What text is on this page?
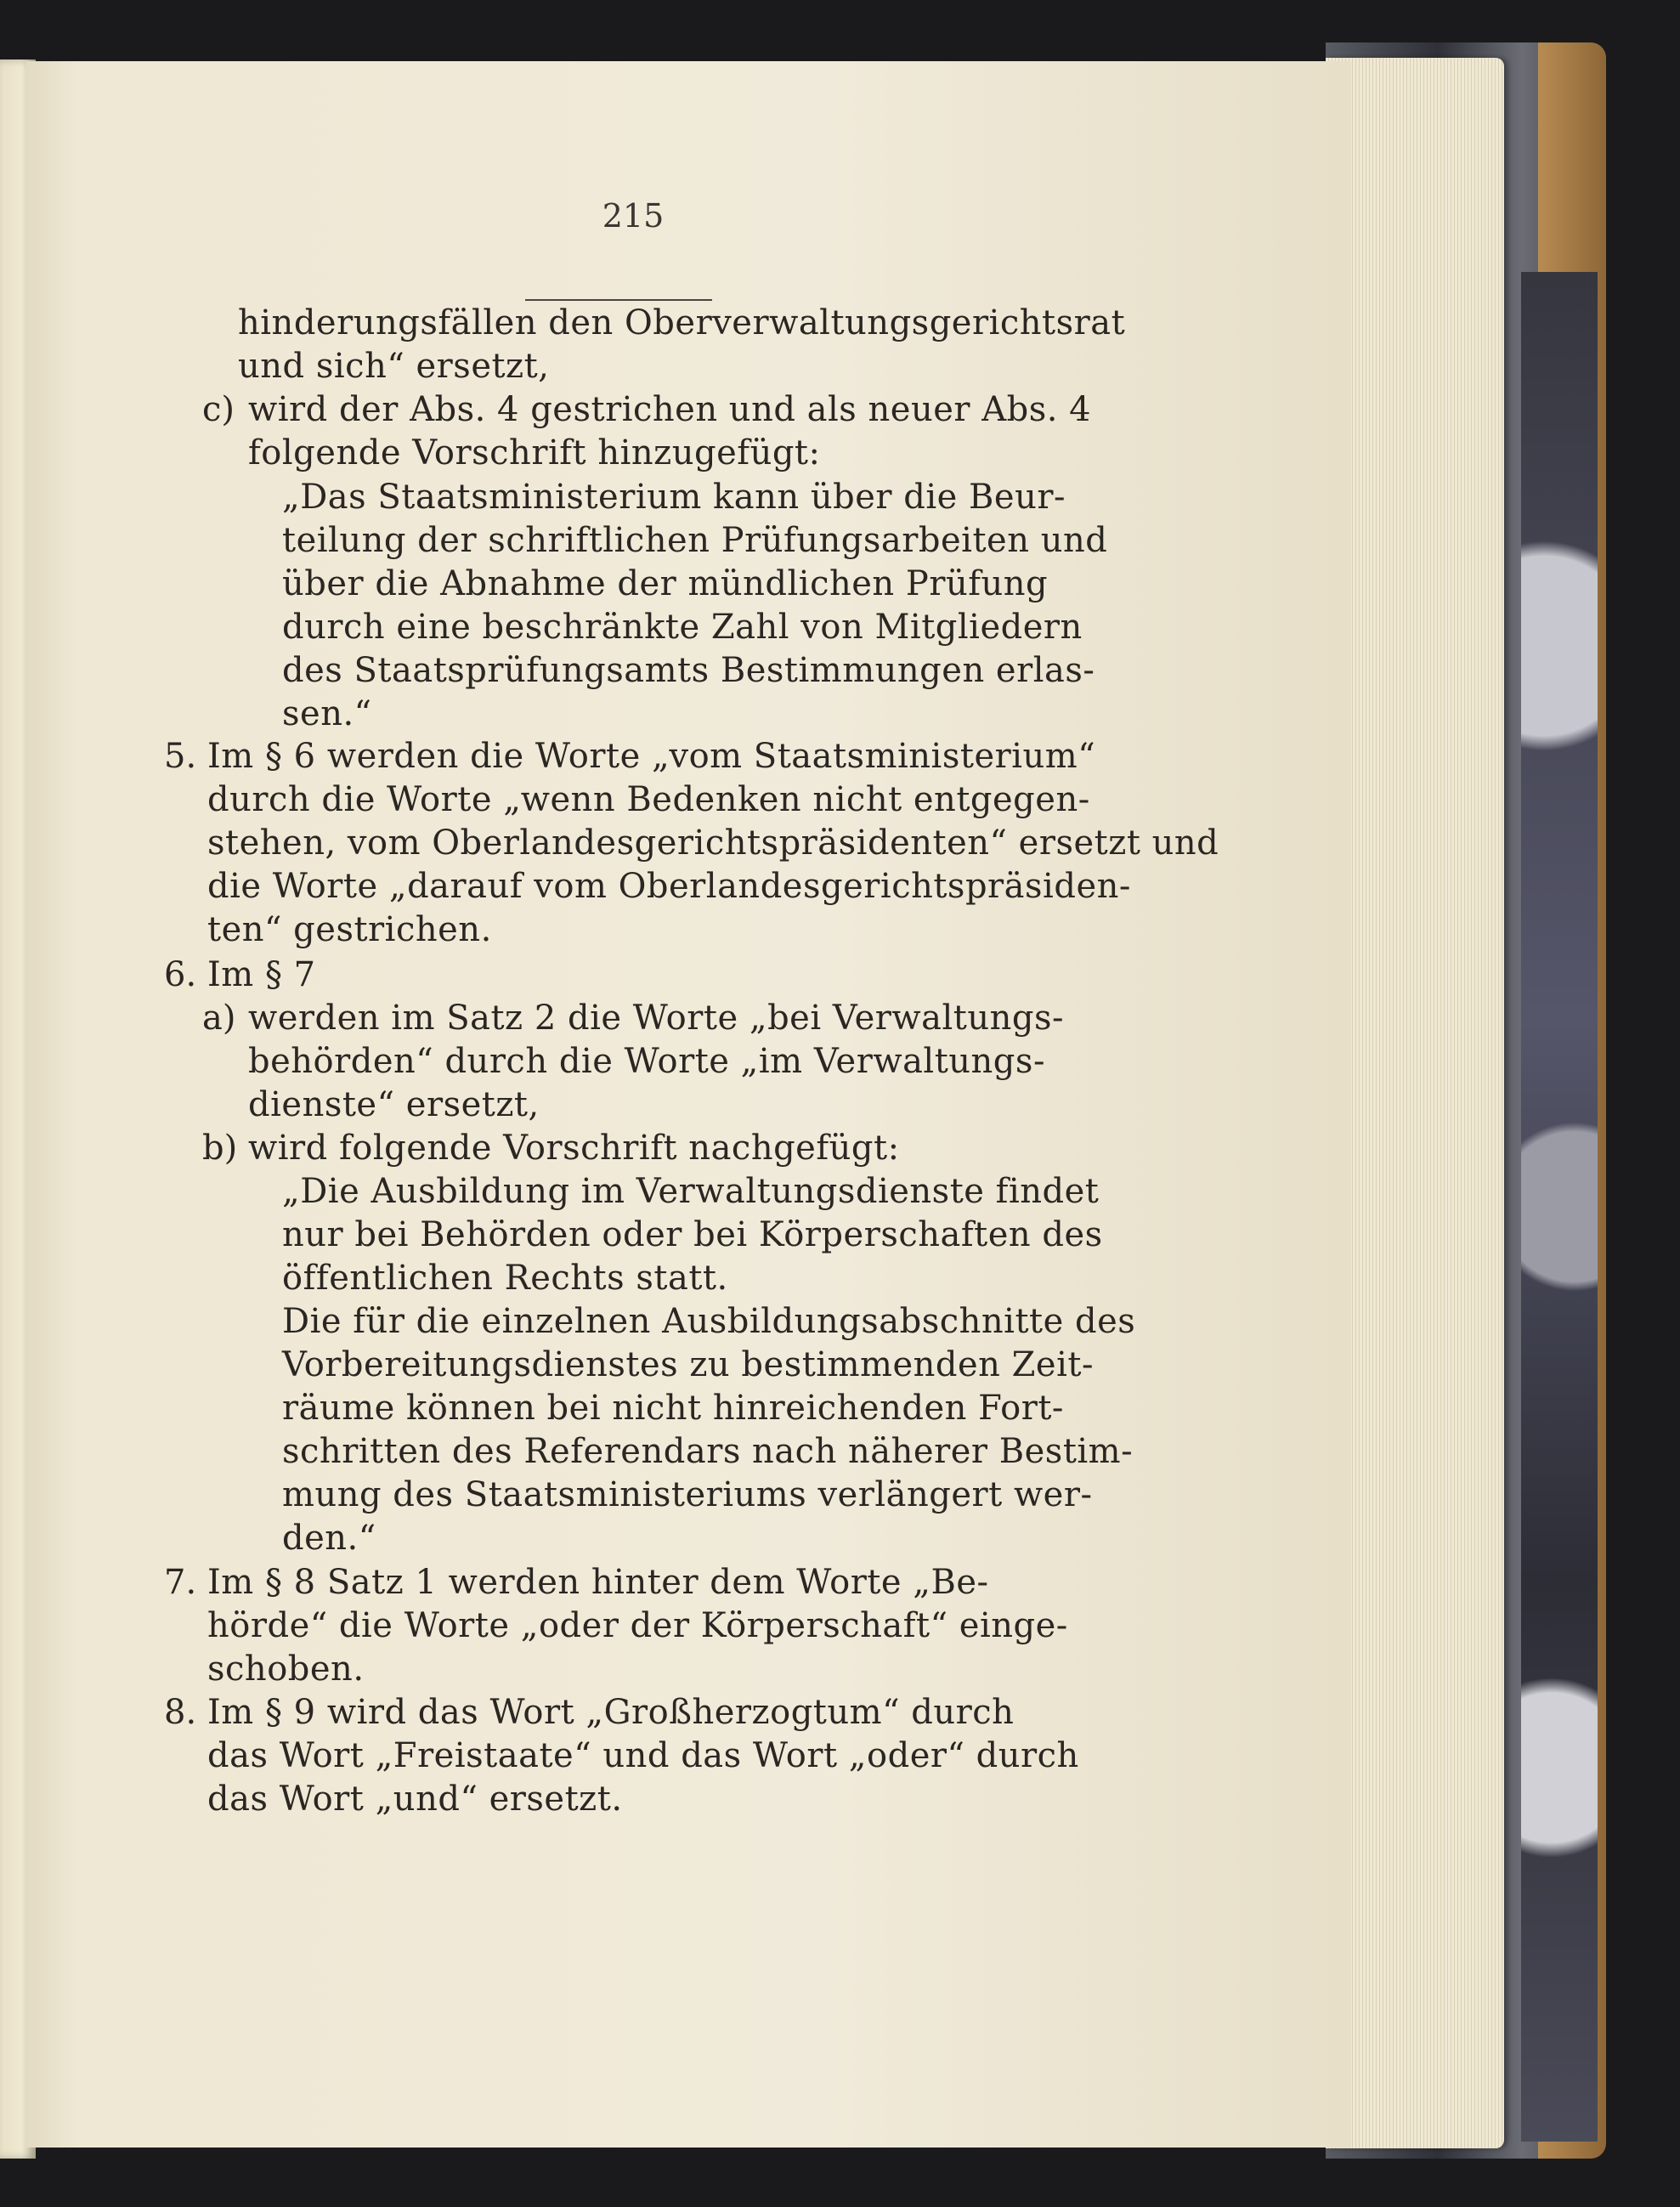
215

hinderungsfällen den Oberverwaltungsgerichtsrat

und sich“ ersetzt,

c) wird der Abs. 4 gestrichen und als neuer Abs. 4

folgende Vorschrift hinzugefügt:

„Das Staatsministerium kann über die Beur-

teilung der schriftlichen Prüfungsarbeiten und

über die Abnahme der mündlichen Prüfung

durch eine beschränkte Zahl von Mitgliedern

des Staatsprüfungsamts Bestimmungen erlas-

sen.“

5. Im § 6 werden die Worte „vom Staatsministerium“

durch die Worte „wenn Bedenken nicht entgegen-

stehen, vom Oberlandesgerichtspräsidenten“ ersetzt und

die Worte „darauf vom Oberlandesgerichtspräsiden-

ten“ gestrichen.

6. Im § 7

a) werden im Satz 2 die Worte „bei Verwaltungs-

behörden“ durch die Worte „im Verwaltungs-

dienste“ ersetzt,

b) wird folgende Vorschrift nachgefügt:

„Die Ausbildung im Verwaltungsdienste findet

nur bei Behörden oder bei Körperschaften des

öffentlichen Rechts statt.

Die für die einzelnen Ausbildungsabschnitte des

Vorbereitungsdienstes zu bestimmenden Zeit-

räume können bei nicht hinreichenden Fort-

schritten des Referendars nach näherer Bestim-

mung des Staatsministeriums verlängert wer-

den.“

7. Im § 8 Satz 1 werden hinter dem Worte „Be-

hörde“ die Worte „oder der Körperschaft“ einge-

schoben.

8. Im § 9 wird das Wort „Großherzogtum“ durch

das Wort „Freistaate“ und das Wort „oder“ durch

das Wort „und“ ersetzt.
